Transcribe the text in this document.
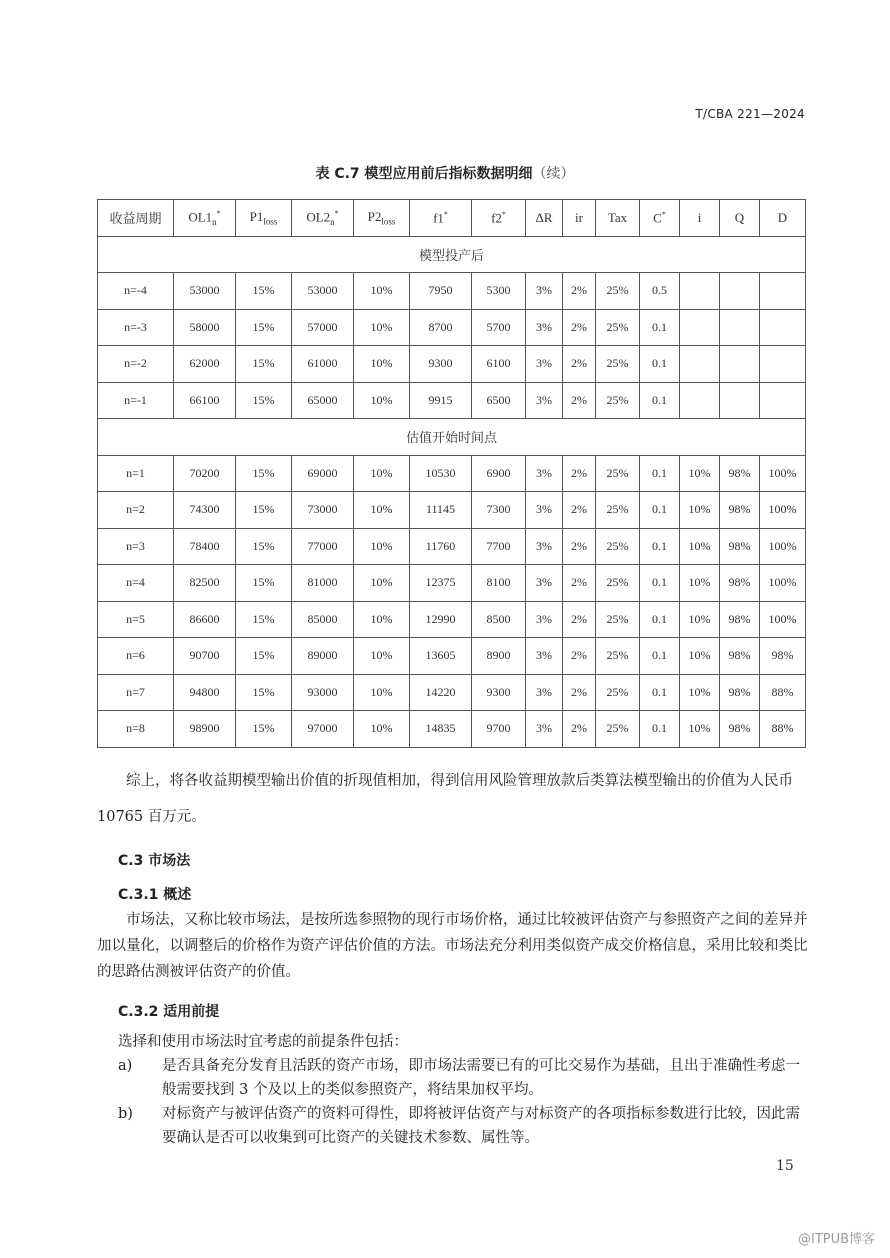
T/CBA 221—2024
表 C.7 模型应用前后指标数据明细（续）
收益周期	$OL1_n^*$	$P1_{loss}$	$OL2_n^*$	$P2_{loss}$	f1*	f2*	ΔR	ir	Tax	C*	i	Q	D
模型投产后													
n=-4	53000	15%	53000	10%	7950	5300	3%	2%	25%	0.5			
n=-3	58000	15%	57000	10%	8700	5700	3%	2%	25%	0.1			
n=-2	62000	15%	61000	10%	9300	6100	3%	2%	25%	0.1			
n=-1	66100	15%	65000	10%	9915	6500	3%	2%	25%	0.1			
估值开始时间点													
n=1	70200	15%	69000	10%	10530	6900	3%	2%	25%	0.1	10%	98%	100%
n=2	74300	15%	73000	10%	11145	7300	3%	2%	25%	0.1	10%	98%	100%
n=3	78400	15%	77000	10%	11760	7700	3%	2%	25%	0.1	10%	98%	100%
n=4	82500	15%	81000	10%	12375	8100	3%	2%	25%	0.1	10%	98%	100%
n=5	86600	15%	85000	10%	12990	8500	3%	2%	25%	0.1	10%	98%	100%
n=6	90700	15%	89000	10%	13605	8900	3%	2%	25%	0.1	10%	98%	98%
n=7	94800	15%	93000	10%	14220	9300	3%	2%	25%	0.1	10%	98%	88%
n=8	98900	15%	97000	10%	14835	9700	3%	2%	25%	0.1	10%	98%	88%
综上，将各收益期模型输出价值的折现值相加，得到信用风险管理放款后类算法模型输出的价值为人民币 10765 百万元。
C.3 市场法
C.3.1 概述
市场法，又称比较市场法，是按所选参照物的现行市场价格，通过比较被评估资产与参照资产之间的差异并加以量化，以调整后的价格作为资产评估价值的方法。市场法充分利用类似资产成交价格信息，采用比较和类比的思路估测被评估资产的价值。
C.3.2 适用前提
选择和使用市场法时宜考虑的前提条件包括：
a)	是否具备充分发育且活跃的资产市场，即市场法需要已有的可比交易作为基础，且出于准确性考虑一般需要找到 3 个及以上的类似参照资产，将结果加权平均。
b)	对标资产与被评估资产的资料可得性，即将被评估资产与对标资产的各项指标参数进行比较，因此需要确认是否可以收集到可比资产的关键技术参数、属性等。
15
@ITPUB博客
